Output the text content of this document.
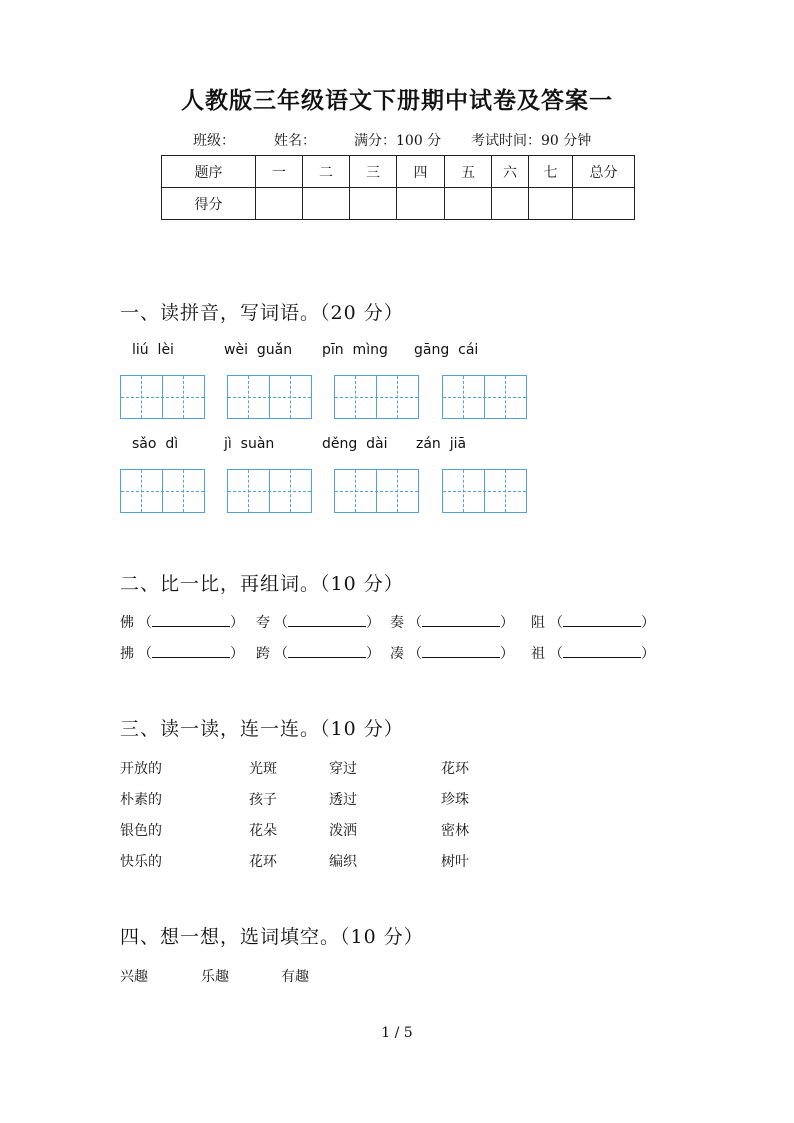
人教版三年级语文下册期中试卷及答案一
班级：	姓名：	满分：100 分 考试时间：90 分钟
题序	一	二	三	四	五	六	七	总分
得分								
一、读拼音，写词语。（20 分）
liú  lèi	wèi  guǎn pīn  mìng gāng  cái
sǎo  dì	jì  suàn	děng  dài zán  jiā
二、比一比，再组词。（10 分）
佛 （	） 夸 （	） 奏 （	） 阻 （	）
拂 （	） 跨 （	） 凑 （	） 祖 （	）
三、读一读，连一连。（10 分）
开放的	光斑	穿过	花环
朴素的	孩子	透过	珍珠
银色的	花朵	泼洒	密林
快乐的	花环	编织	树叶
四、想一想，选词填空。（10 分）
兴趣	乐趣	有趣
1 / 5
